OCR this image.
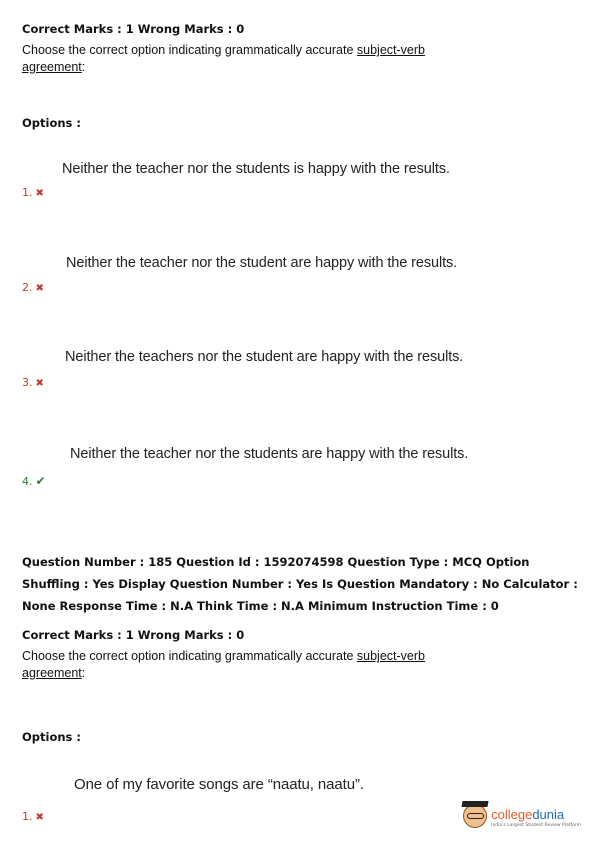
Correct Marks : 1 Wrong Marks : 0
Choose the correct option indicating grammatically accurate subject-verb agreement:
Options :
Neither the teacher nor the students is happy with the results.
1. ✖
Neither the teacher nor the student are happy with the results.
2. ✖
Neither the teachers nor the student are happy with the results.
3. ✖
Neither the teacher nor the students are happy with the results.
4. ✔
Question Number : 185 Question Id : 1592074598 Question Type : MCQ Option Shuffling : Yes Display Question Number : Yes Is Question Mandatory : No Calculator : None Response Time : N.A Think Time : N.A Minimum Instruction Time : 0
Correct Marks : 1 Wrong Marks : 0
Choose the correct option indicating grammatically accurate subject-verb agreement:
Options :
One of my favorite songs are “naatu, naatu”.
1. ✖	collegedunia
India's Largest Student Review Platform
